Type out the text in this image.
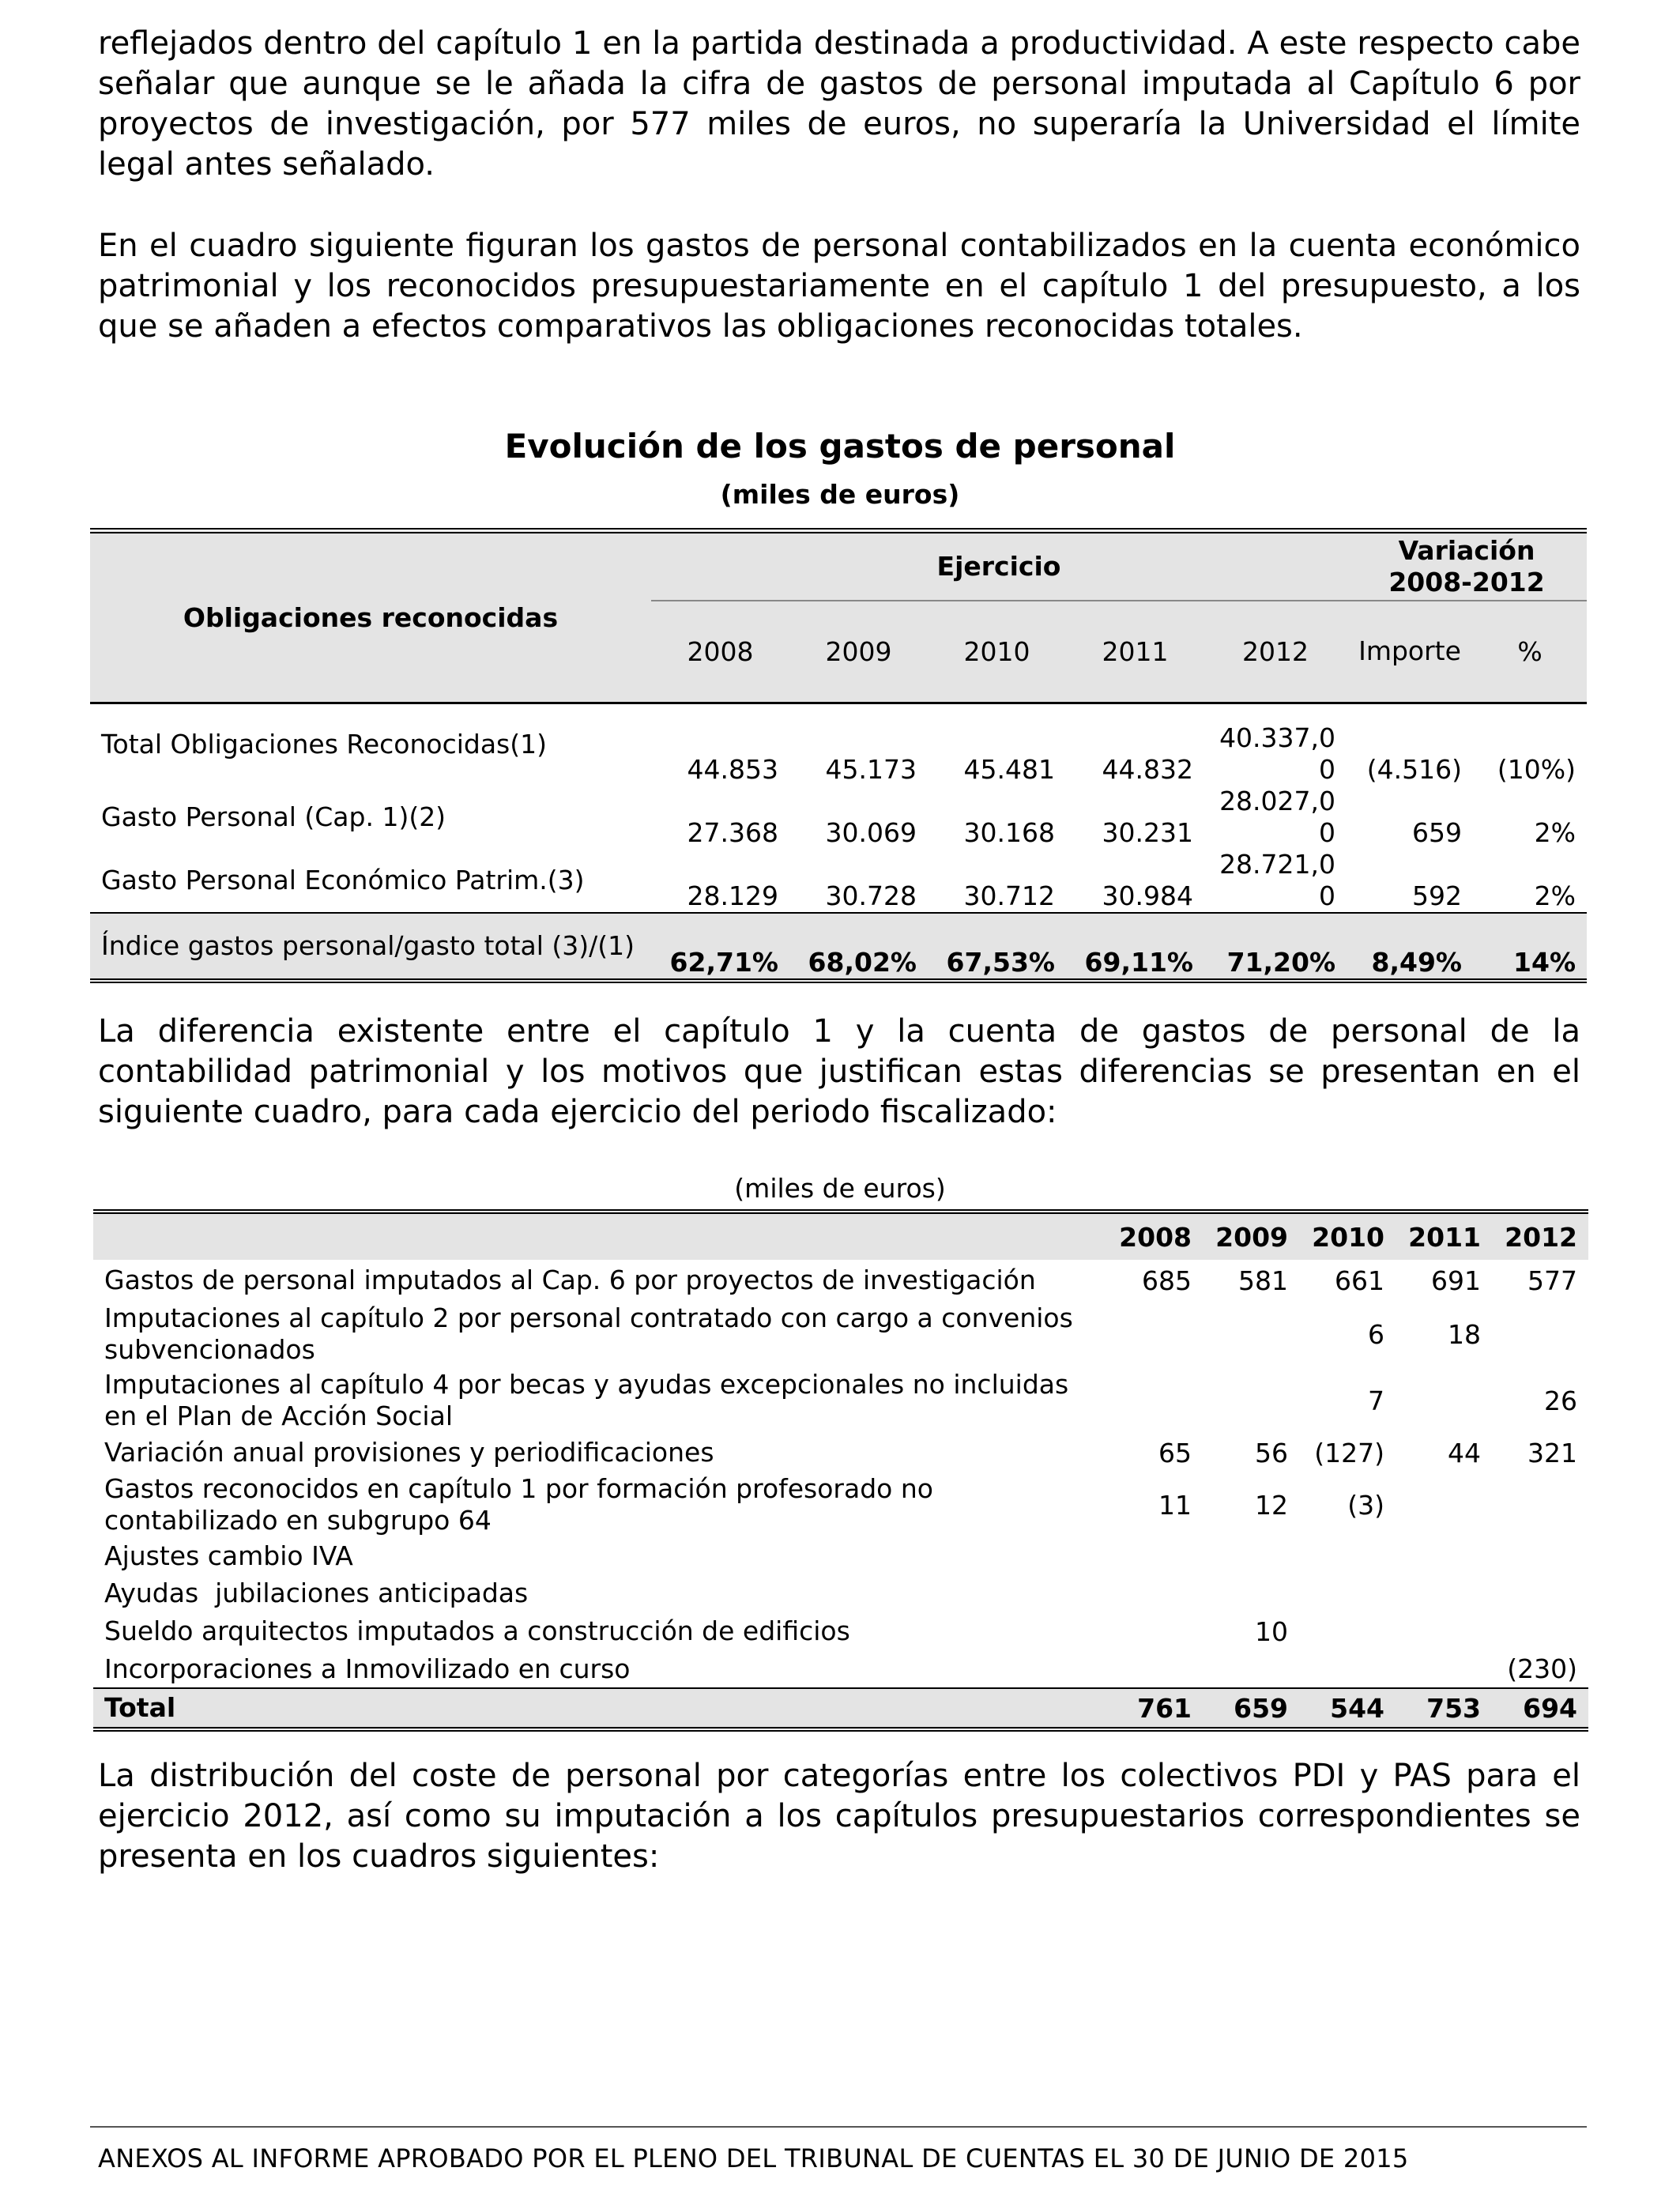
reflejados dentro del capítulo 1 en la partida destinada a productividad. A este respecto cabe señalar que aunque se le añada la cifra de gastos de personal imputada al Capítulo 6 por proyectos de investigación, por 577 miles de euros, no superaría la Universidad el límite legal antes señalado.

En el cuadro siguiente figuran los gastos de personal contabilizados en la cuenta económico patrimonial y los reconocidos presupuestariamente en el capítulo 1 del presupuesto, a los que se añaden a efectos comparativos las obligaciones reconocidas totales.

Evolución de los gastos de personal
(miles de euros)
Obligaciones reconocidas	Ejercicio					Variación 2008-2012	
	2008	2009	2010	2011	2012	Importe	%
Total Obligaciones Reconocidas(1)	44.853	45.173	45.481	44.832	40.337,00	(4.516)	(10%)
Gasto Personal (Cap. 1)(2)	27.368	30.069	30.168	30.231	28.027,00	659	2%
Gasto Personal Económico Patrim.(3)	28.129	30.728	30.712	30.984	28.721,00	592	2%
Índice gastos personal/gasto total (3)/(1)	62,71%	68,02%	67,53%	69,11%	71,20%	8,49%	14%

La diferencia existente entre el capítulo 1 y la cuenta de gastos de personal de la contabilidad patrimonial y los motivos que justifican estas diferencias se presentan en el siguiente cuadro, para cada ejercicio del periodo fiscalizado:

(miles de euros)
	2008	2009	2010	2011	2012
Gastos de personal imputados al Cap. 6 por proyectos de investigación	685	581	661	691	577
Imputaciones al capítulo 2 por personal contratado con cargo a convenios subvencionados			6	18	
Imputaciones al capítulo 4 por becas y ayudas excepcionales no incluidas en el Plan de Acción Social			7		26
Variación anual provisiones y periodificaciones	65	56	(127)	44	321
Gastos reconocidos en capítulo 1 por formación profesorado no contabilizado en subgrupo 64	11	12	(3)		
Ajustes cambio IVA					
Ayudas  jubilaciones anticipadas					
Sueldo arquitectos imputados a construcción de edificios		10			
Incorporaciones a Inmovilizado en curso					(230)
Total	761	659	544	753	694

La distribución del coste de personal por categorías entre los colectivos PDI y PAS para el ejercicio 2012, así como su imputación a los capítulos presupuestarios correspondientes se presenta en los cuadros siguientes:

ANEXOS AL INFORME APROBADO POR EL PLENO DEL TRIBUNAL DE CUENTAS EL 30 DE JUNIO DE 2015
